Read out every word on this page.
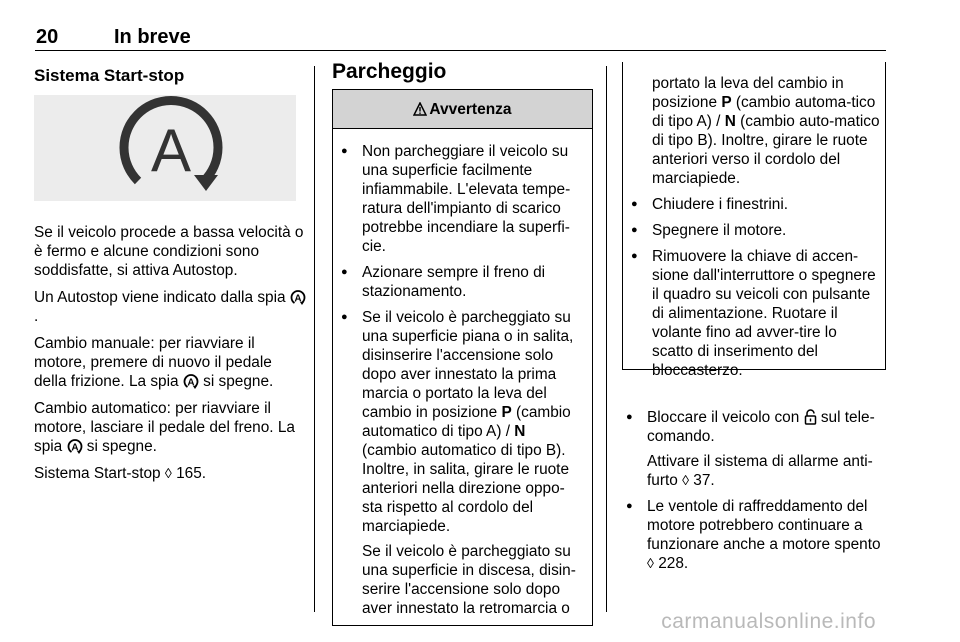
20	In breve
Sistema Start-stop
A

Se il veicolo procede a bassa velocità o è fermo e alcune condizioni sono soddisfatte, si attiva Autostop.

Un Autostop viene indicato dalla spia A
.

Cambio manuale: per riavviare il motore, premere di nuovo il pedale della frizione. La spia A si spegne.

Cambio automatico: per riavviare il motore, lasciare il pedale del freno. La spia A si spegne.

Sistema Start-stop ◊ 165.

Parcheggio
Avvertenza
● Non parcheggiare il veicolo su una superficie facilmente infiammabile. L'elevata tempe-ratura dell'impianto di scarico potrebbe incendiare la superfi-cie.
● Azionare sempre il freno di stazionamento.
● Se il veicolo è parcheggiato su una superficie piana o in salita, disinserire l'accensione solo dopo aver innestato la prima marcia o portato la leva del cambio in posizione P (cambio automatico di tipo A) / N (cambio automatico di tipo B). Inoltre, in salita, girare le ruote anteriori nella direzione oppo-sta rispetto al cordolo del marciapiede.
Se il veicolo è parcheggiato su una superficie in discesa, disin-serire l'accensione solo dopo aver innestato la retromarcia o

portato la leva del cambio in posizione P (cambio automa-tico di tipo A) / N (cambio auto-matico di tipo B). Inoltre, girare le ruote anteriori verso il cordolo del marciapiede.

● Chiudere i finestrini.
● Spegnere il motore.
● Rimuovere la chiave di accen-sione dall'interruttore o spegnere il quadro su veicoli con pulsante di alimentazione. Ruotare il volante fino ad avver-tire lo scatto di inserimento del bloccasterzo.
● Bloccare il veicolo con  sul tele-comando.
Attivare il sistema di allarme anti-furto ◊ 37.
● Le ventole di raffreddamento del motore potrebbero continuare a funzionare anche a motore spento ◊ 228.
carmanualsonline.info
